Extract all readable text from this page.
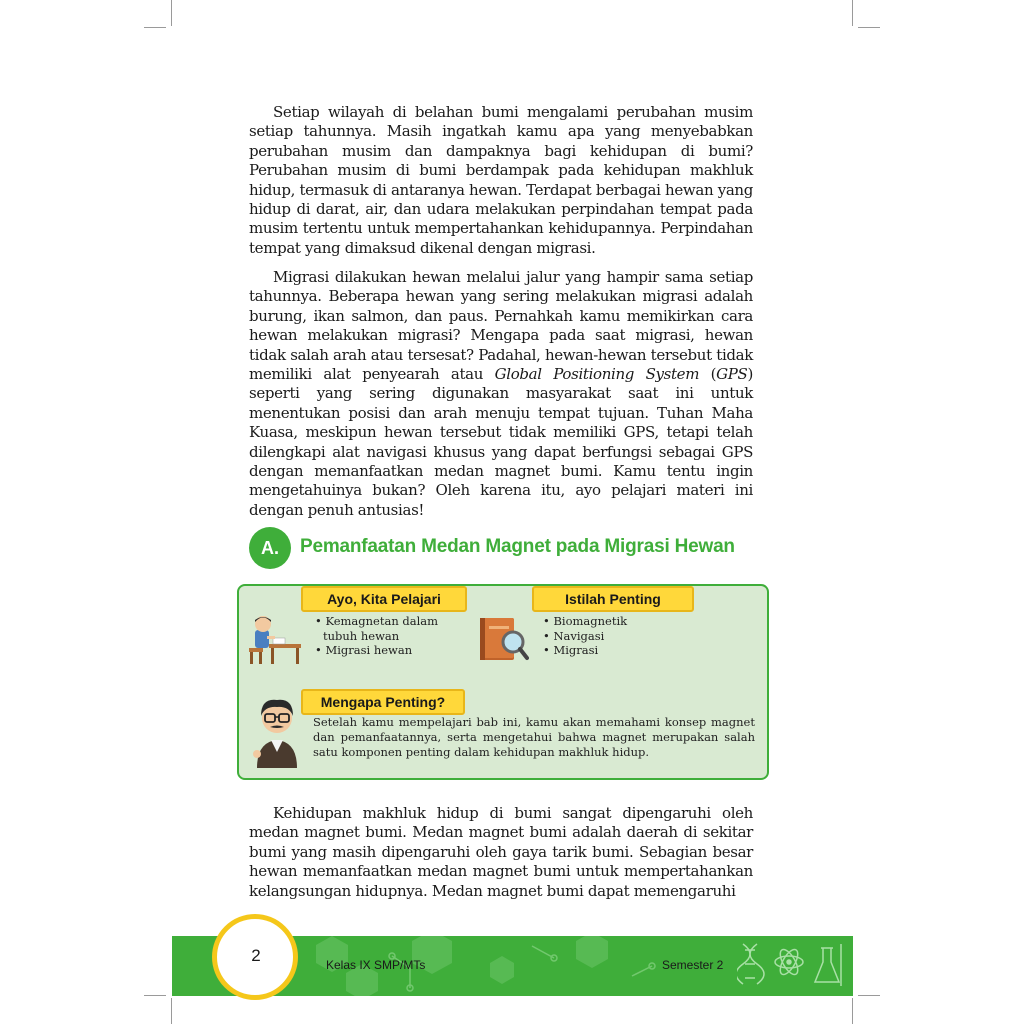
Setiap wilayah di belahan bumi mengalami perubahan musim setiap tahunnya. Masih ingatkah kamu apa yang menyebabkan perubahan musim dan dampaknya bagi kehidupan di bumi? Perubahan musim di bumi berdampak pada kehidupan makhluk hidup, termasuk di antaranya hewan. Terdapat berbagai hewan yang hidup di darat, air, dan udara melakukan perpindahan tempat pada musim tertentu untuk mempertahankan kehidupannya. Perpindahan tempat yang dimaksud dikenal dengan migrasi.

Migrasi dilakukan hewan melalui jalur yang hampir sama setiap tahunnya. Beberapa hewan yang sering melakukan migrasi adalah burung, ikan salmon, dan paus. Pernahkah kamu memikirkan cara hewan melakukan migrasi? Mengapa pada saat migrasi, hewan tidak salah arah atau tersesat? Padahal, hewan-hewan tersebut tidak memiliki alat penyearah atau Global Positioning System (GPS) seperti yang sering digunakan masyarakat saat ini untuk menentukan posisi dan arah menuju tempat tujuan. Tuhan Maha Kuasa, meskipun hewan tersebut tidak memiliki GPS, tetapi telah dilengkapi alat navigasi khusus yang dapat berfungsi sebagai GPS dengan memanfaatkan medan magnet bumi. Kamu tentu ingin mengetahuinya bukan? Oleh karena itu, ayo pelajari materi ini dengan penuh antusias!

A.	Pemanfaatan Medan Magnet pada Migrasi Hewan
Ayo, Kita Pelajari
• Kemagnetan dalam tubuh hewan
• Migrasi hewan
Istilah Penting
• Biomagnetik
• Navigasi
• Migrasi
Mengapa Penting?

Setelah kamu mempelajari bab ini, kamu akan memahami konsep magnet dan pemanfaatannya, serta mengetahui bahwa magnet merupakan salah satu komponen penting dalam kehidupan makhluk hidup.

Kehidupan makhluk hidup di bumi sangat dipengaruhi oleh medan magnet bumi. Medan magnet bumi adalah daerah di sekitar bumi yang masih dipengaruhi oleh gaya tarik bumi. Sebagian besar hewan memanfaatkan medan magnet bumi untuk mempertahankan kelangsungan hidupnya. Medan magnet bumi dapat memengaruhi

Kelas IX SMP/MTs	Semester 2
2
